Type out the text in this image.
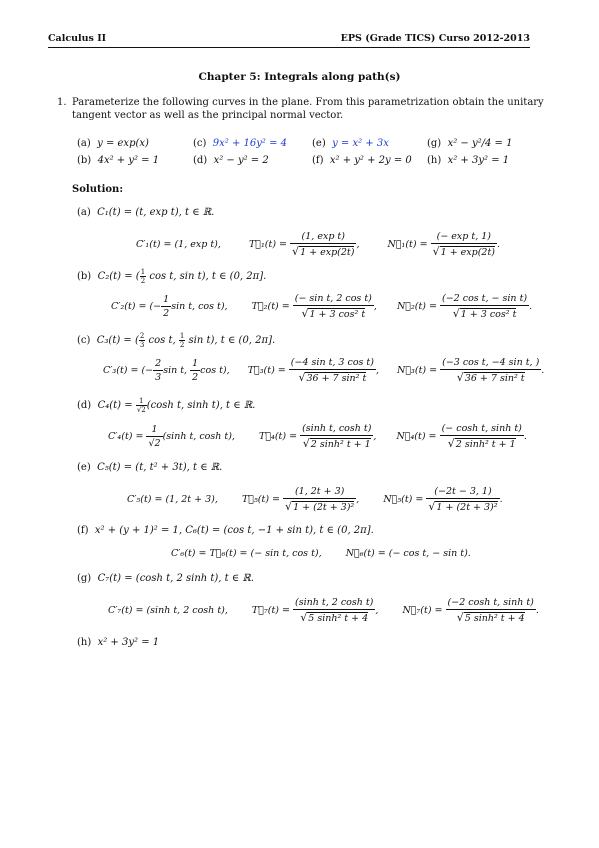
Calculus II	EPS (Grade TICS) Curso 2012-2013
Chapter 5: Integrals along path(s)
1. Parameterize the following curves in the plane. From this parametrization obtain the unitary
tangent vector as well as the principal normal vector.
(a) y = exp(x)
(b) 4x² + y² = 1
(c) 9x² + 16y² = 4
(d) x² − y² = 2
(e) y = x² + 3x
(f) x² + y² + 2y = 0
(g) x² − y²/4 = 1
(h) x² + 3y² = 1
Solution:
(a) C₁(t) = (t, exp t), t ∈ ℝ.
C′₁(t) = (1, exp t),	T⃗₁(t) = $\frac{\text{(1, exp t)}}{√1 + \exp(2t)}$ ,	N⃗₁(t) = $\frac{\text{(− exp t, 1)}}{√1 + \exp(2t)}$ .
(b) C₂(t) = ( $\frac{1}{2}$ cos t, sin t), t ∈ (0, 2π].
C′₂(t) = (− $\frac{1}{2}$ sin t, cos t),	T⃗₂(t) = $\frac{\text{(− sin t, 2 cos t)}}{\text{√1 + 3 cos² t}}$ ,  N⃗₂(t) = $\frac{\text{(−2 cos t, − sin t)}}{\text{√1 + 3 cos² t}}$ .
(c) C₃(t) = ( $\frac{2}{3}$ cos t, $\frac{1}{2}$ sin t), t ∈ (0, 2π].
C′₃(t) = (− $\frac{2}{3}$ sin t, $\frac{1}{2}$ cos t), T⃗₃(t) = $\frac{\text{(−4 sin t, 3 cos t)}}{\text{√36 + 7 sin² t}}$ ,  N⃗₃(t) = $\frac{\text{(−3 cos t, −4 sin t, )}}{\text{√36 + 7 sin² t}}$ .
(d) $C_4(t) = \frac{1}{√2} (\cosh$ t, sinh t), t ∈ ℝ.
$C'_4(t) = \frac{1}{√2} (\sinh$ t, cosh t),	T⃗₄(t) = $\frac{\text{(sinh t, cosh t)}}{\text{√2 sinh² t + 1}}$ ,  N⃗₄(t) = $\frac{\text{(− cosh t, sinh t)}}{\text{√2 sinh² t + 1}}$ .
(e) C₅(t) = (t, t² + 3t), t ∈ ℝ.
C′₅(t) = (1, 2t + 3),	T⃗₅(t) = $\frac{(1, 2t + 3)}{\text{√1 + (2t + 3)²}}$ ,  N⃗₅(t) = $\frac{(-2t - 3, 1)}{\text{√1 + (2t + 3)²}}$ .
(f) x² + (y + 1)² = 1, C₆(t) = (cos t, −1 + sin t), t ∈ (0, 2π].
C′₆(t) = T⃗₆(t) = (− sin t, cos t),	N⃗₆(t) = (− cos t, − sin t).
(g) C₇(t) = (cosh t, 2 sinh t), t ∈ ℝ.
C′₇(t) = (sinh t, 2 cosh t),	T⃗₇(t) = $\frac{\text{(sinh t, 2 cosh t)}}{\text{√5 sinh² t + 4}}$ ,  N⃗₇(t) = $\frac{\text{(−2 cosh t, sinh t)}}{\text{√5 sinh² t + 4}}$ .
(h) x² + 3y² = 1
